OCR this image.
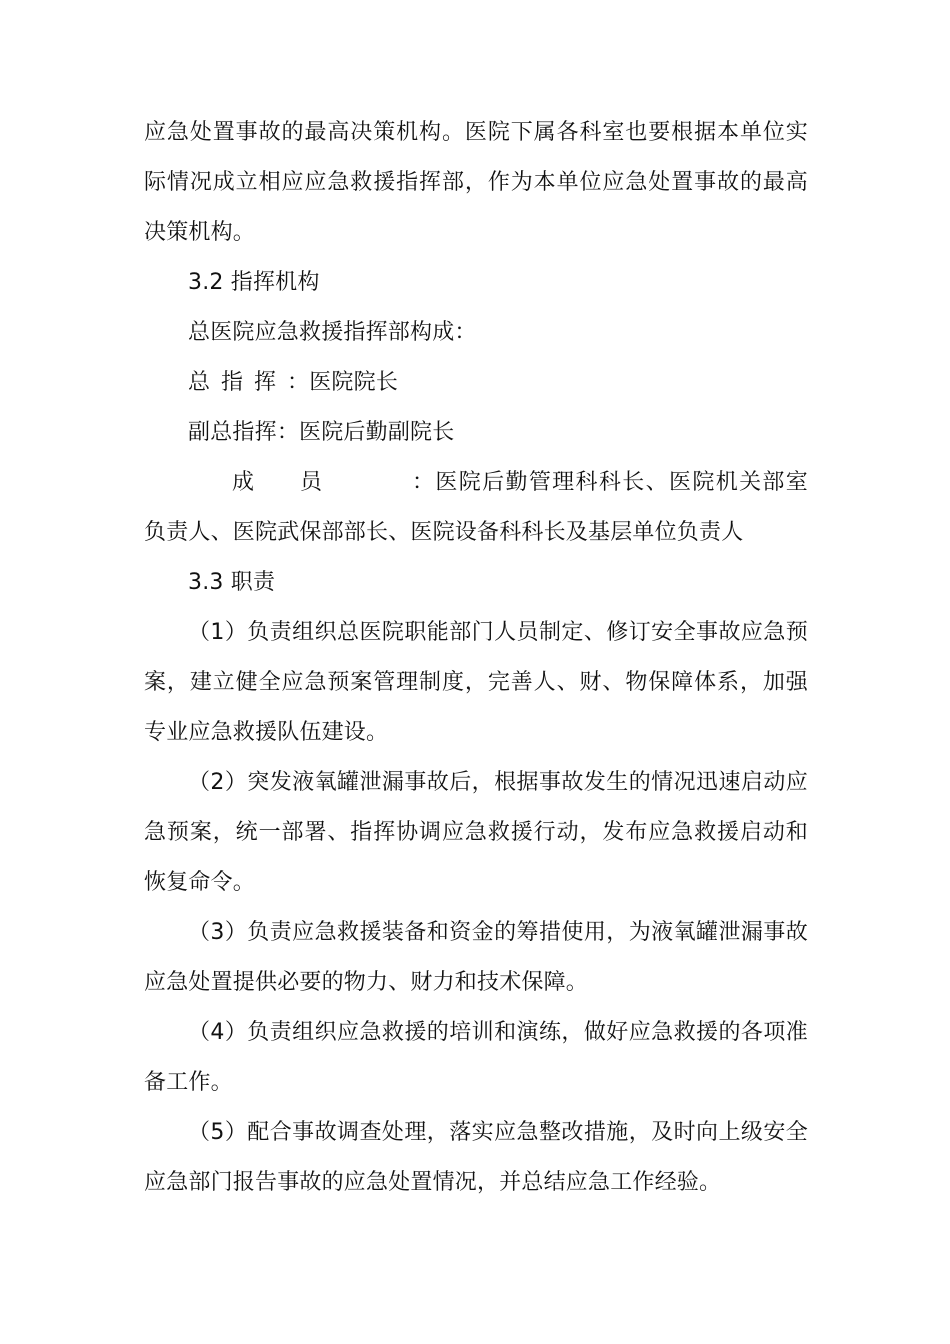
应急处置事故的最高决策机构。医院下属各科室也要根据本单位实际情况成立相应应急救援指挥部，作为本单位应急处置事故的最高决策机构。

3.2 指挥机构

总医院应急救援指挥部构成：

总指挥：医院院长

副总指挥：医院后勤副院长

成员 ：医院后勤管理科科长、医院机关部室负责人、医院武保部部长、医院设备科科长及基层单位负责人

3.3 职责

（1）负责组织总医院职能部门人员制定、修订安全事故应急预案，建立健全应急预案管理制度，完善人、财、物保障体系，加强专业应急救援队伍建设。

（2）突发液氧罐泄漏事故后，根据事故发生的情况迅速启动应急预案，统一部署、指挥协调应急救援行动，发布应急救援启动和恢复命令。

（3）负责应急救援装备和资金的筹措使用，为液氧罐泄漏事故应急处置提供必要的物力、财力和技术保障。

（4）负责组织应急救援的培训和演练，做好应急救援的各项准备工作。

（5）配合事故调查处理，落实应急整改措施，及时向上级安全应急部门报告事故的应急处置情况，并总结应急工作经验。
